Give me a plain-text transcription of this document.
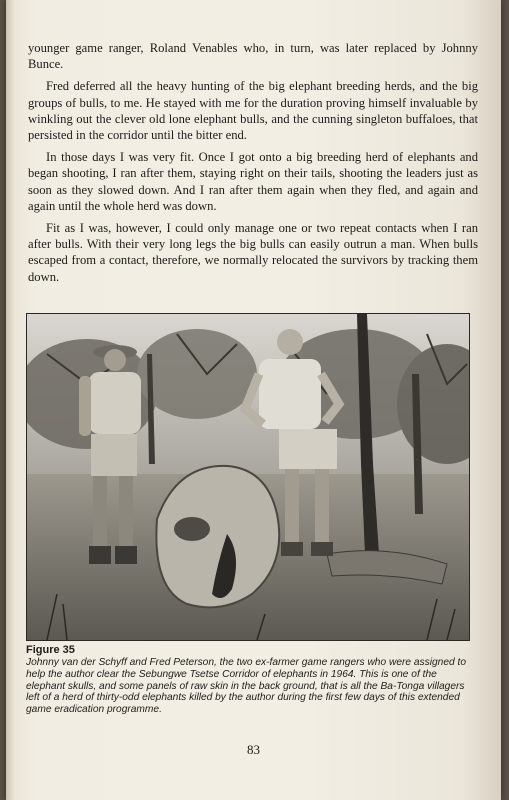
younger game ranger, Roland Venables who, in turn, was later replaced by Johnny Bunce.

Fred deferred all the heavy hunting of the big elephant breeding herds, and the big groups of bulls, to me. He stayed with me for the duration proving himself invaluable by winkling out the clever old lone elephant bulls, and the cunning singleton buffaloes, that persisted in the corridor until the bitter end.

In those days I was very fit. Once I got onto a big breeding herd of elephants and began shooting, I ran after them, staying right on their tails, shooting the leaders just as soon as they slowed down. And I ran after them again when they fled, and again and again until the whole herd was down.

Fit as I was, however, I could only manage one or two repeat contacts when I ran after bulls. With their very long legs the big bulls can easily outrun a man. When bulls escaped from a contact, therefore, we normally relocated the survivors by tracking them down.

Figure 35
Johnny van der Schyff and Fred Peterson, the two ex-farmer game rangers who were assigned to help the author clear the Sebungwe Tsetse Corridor of elephants in 1964. This is one of the elephant skulls, and some panels of raw skin in the back ground, that is all the Ba-Tonga villagers left of a herd of thirty-odd elephants killed by the author during the first few days of this extended game eradication programme.
83
